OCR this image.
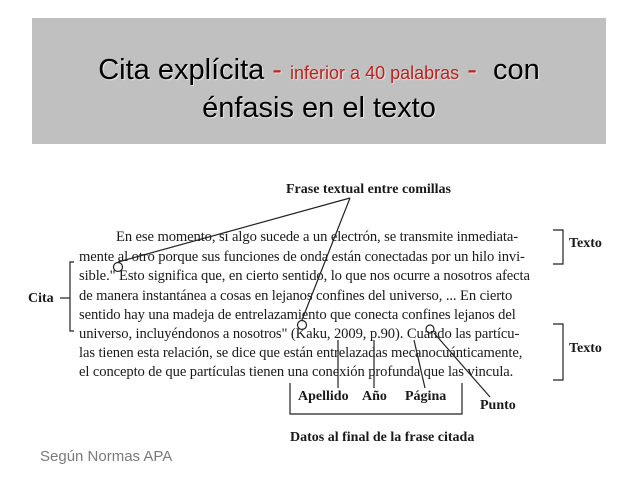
Cita explícita - inferior a 40 palabras -  con
énfasis en el texto
Frase textual entre comillas
En ese momento, si algo sucede a un electrón, se transmite inmediata-
mente al otro porque sus funciones de onda están conectadas por un hilo invi-
sible." Esto significa que, en cierto sentido, lo que nos ocurre a nosotros afecta
de manera instantánea a cosas en lejanos confines del universo, ... En cierto
sentido hay una madeja de entrelazamiento que conecta confines lejanos del
universo, incluyéndonos a nosotros" (Kaku, 2009, p.90). Cuando las partícu-
las tienen esta relación, se dice que están entrelazadas mecanocuánticamente,
el concepto de que partículas tienen una conexión profunda que las vincula.
Cita
Texto
Texto
Apellido Año Página
Punto
Datos al final de la frase citada
Según Normas APA
